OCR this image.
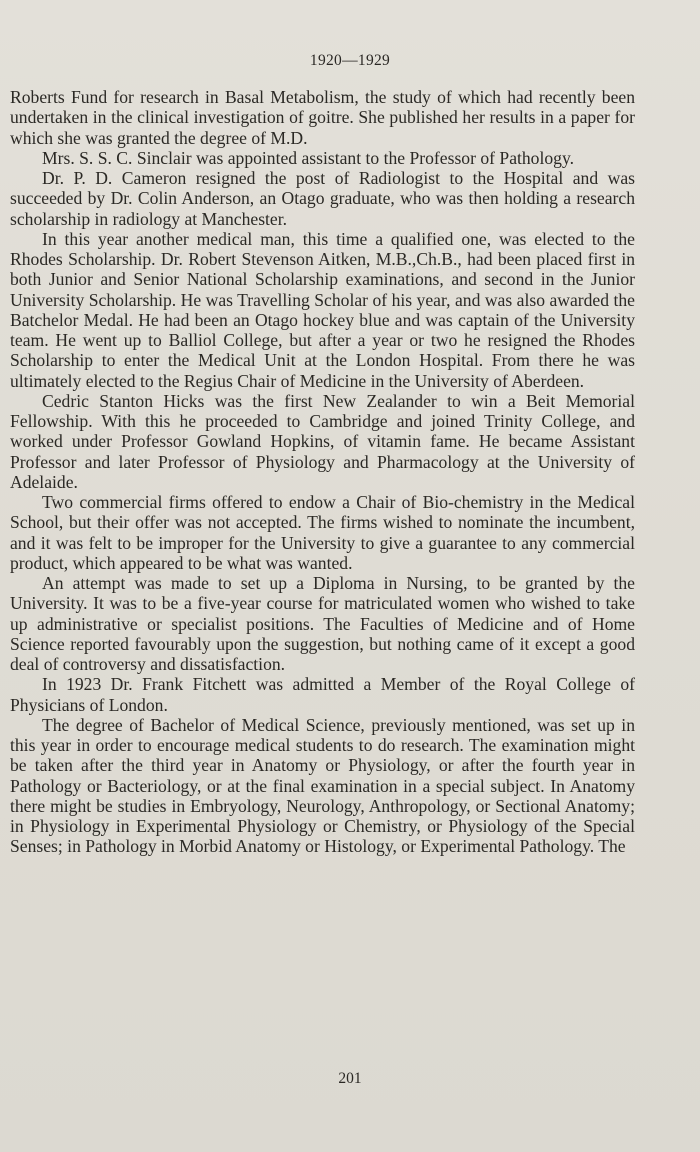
1920—1929

Roberts Fund for research in Basal Metabolism, the study of which had recently been undertaken in the clinical investigation of goitre. She published her results in a paper for which she was granted the degree of M.D.

Mrs. S. S. C. Sinclair was appointed assistant to the Professor of Pathology.

Dr. P. D. Cameron resigned the post of Radiologist to the Hospital and was succeeded by Dr. Colin Anderson, an Otago graduate, who was then holding a research scholarship in radiology at Manchester.

In this year another medical man, this time a qualified one, was elected to the Rhodes Scholarship. Dr. Robert Stevenson Aitken, M.B.,Ch.B., had been placed first in both Junior and Senior National Scholarship examinations, and second in the Junior University Scholarship. He was Travelling Scholar of his year, and was also awarded the Batchelor Medal. He had been an Otago hockey blue and was captain of the University team. He went up to Balliol College, but after a year or two he resigned the Rhodes Scholarship to enter the Medical Unit at the London Hospital. From there he was ultimately elected to the Regius Chair of Medicine in the University of Aberdeen.

Cedric Stanton Hicks was the first New Zealander to win a Beit Memorial Fellowship. With this he proceeded to Cambridge and joined Trinity College, and worked under Professor Gowland Hopkins, of vitamin fame. He became Assistant Professor and later Professor of Physiology and Pharmacology at the University of Adelaide.

Two commercial firms offered to endow a Chair of Bio-chemistry in the Medical School, but their offer was not accepted. The firms wished to nominate the incumbent, and it was felt to be improper for the University to give a guarantee to any commercial product, which appeared to be what was wanted.

An attempt was made to set up a Diploma in Nursing, to be granted by the University. It was to be a five-year course for matriculated women who wished to take up administrative or specialist positions. The Faculties of Medicine and of Home Science reported favourably upon the suggestion, but nothing came of it except a good deal of controversy and dissatisfaction.

In 1923 Dr. Frank Fitchett was admitted a Member of the Royal College of Physicians of London.

The degree of Bachelor of Medical Science, previously mentioned, was set up in this year in order to encourage medical students to do research. The examination might be taken after the third year in Anatomy or Physiology, or after the fourth year in Pathology or Bacteriology, or at the final examination in a special subject. In Anatomy there might be studies in Embryology, Neurology, Anthropology, or Sectional Anatomy; in Physiology in Experimental Physiology or Chemistry, or Physiology of the Special Senses; in Pathology in Morbid Anatomy or Histology, or Experimental Pathology. The

201
